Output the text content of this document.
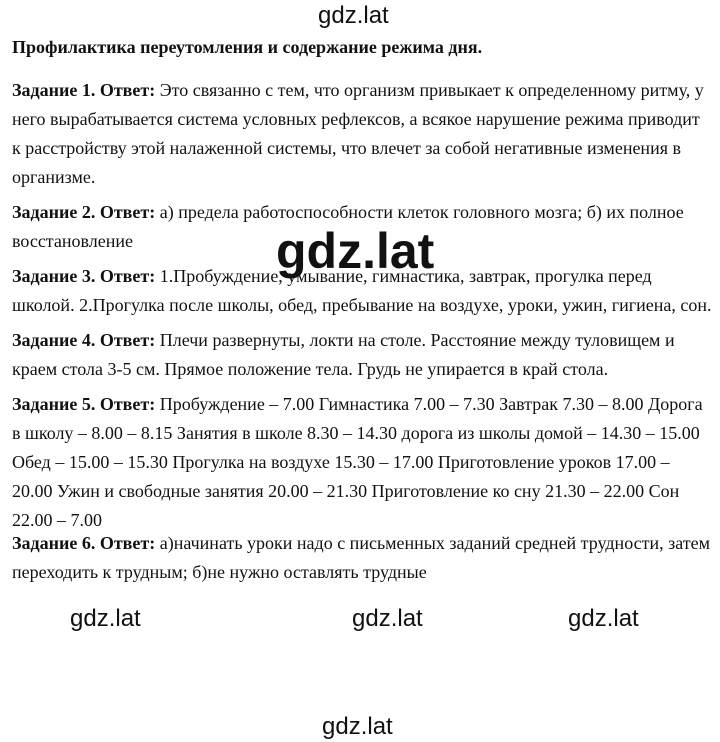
Профилактика переутомления и содержание режима дня.

Задание 1. Ответ: Это связанно с тем, что организм привыкает к определенному ритму, у него вырабатывается система условных рефлексов, а всякое нарушение режима приводит к расстройству этой налаженной системы, что влечет за собой негативные изменения в организме.

Задание 2. Ответ: а) предела работоспособности клеток головного мозга; б) их полное восстановление

Задание 3. Ответ: 1.Пробуждение, умывание, гимнастика, завтрак, прогулка перед школой. 2.Прогулка после школы, обед, пребывание на воздухе, уроки, ужин, гигиена, сон.

Задание 4. Ответ: Плечи развернуты, локти на столе. Расстояние между туловищем и краем стола 3-5 см. Прямое положение тела. Грудь не упирается в край стола.

Задание 5. Ответ: Пробуждение – 7.00 Гимнастика 7.00 – 7.30 Завтрак 7.30 – 8.00 Дорога в школу – 8.00 – 8.15 Занятия в школе 8.30 – 14.30 дорога из школы домой – 14.30 – 15.00 Обед – 15.00 – 15.30 Прогулка на воздухе 15.30 – 17.00 Приготовление уроков 17.00 – 20.00 Ужин и свободные занятия 20.00 – 21.30 Приготовление ко сну 21.30 – 22.00 Сон 22.00 – 7.00

Задание 6. Ответ: а)начинать уроки надо с письменных заданий средней трудности, затем переходить к трудным; б)не нужно оставлять трудные

gdz.lat
gdz.lat
gdz.lat	gdz.lat	gdz.lat
gdz.lat
